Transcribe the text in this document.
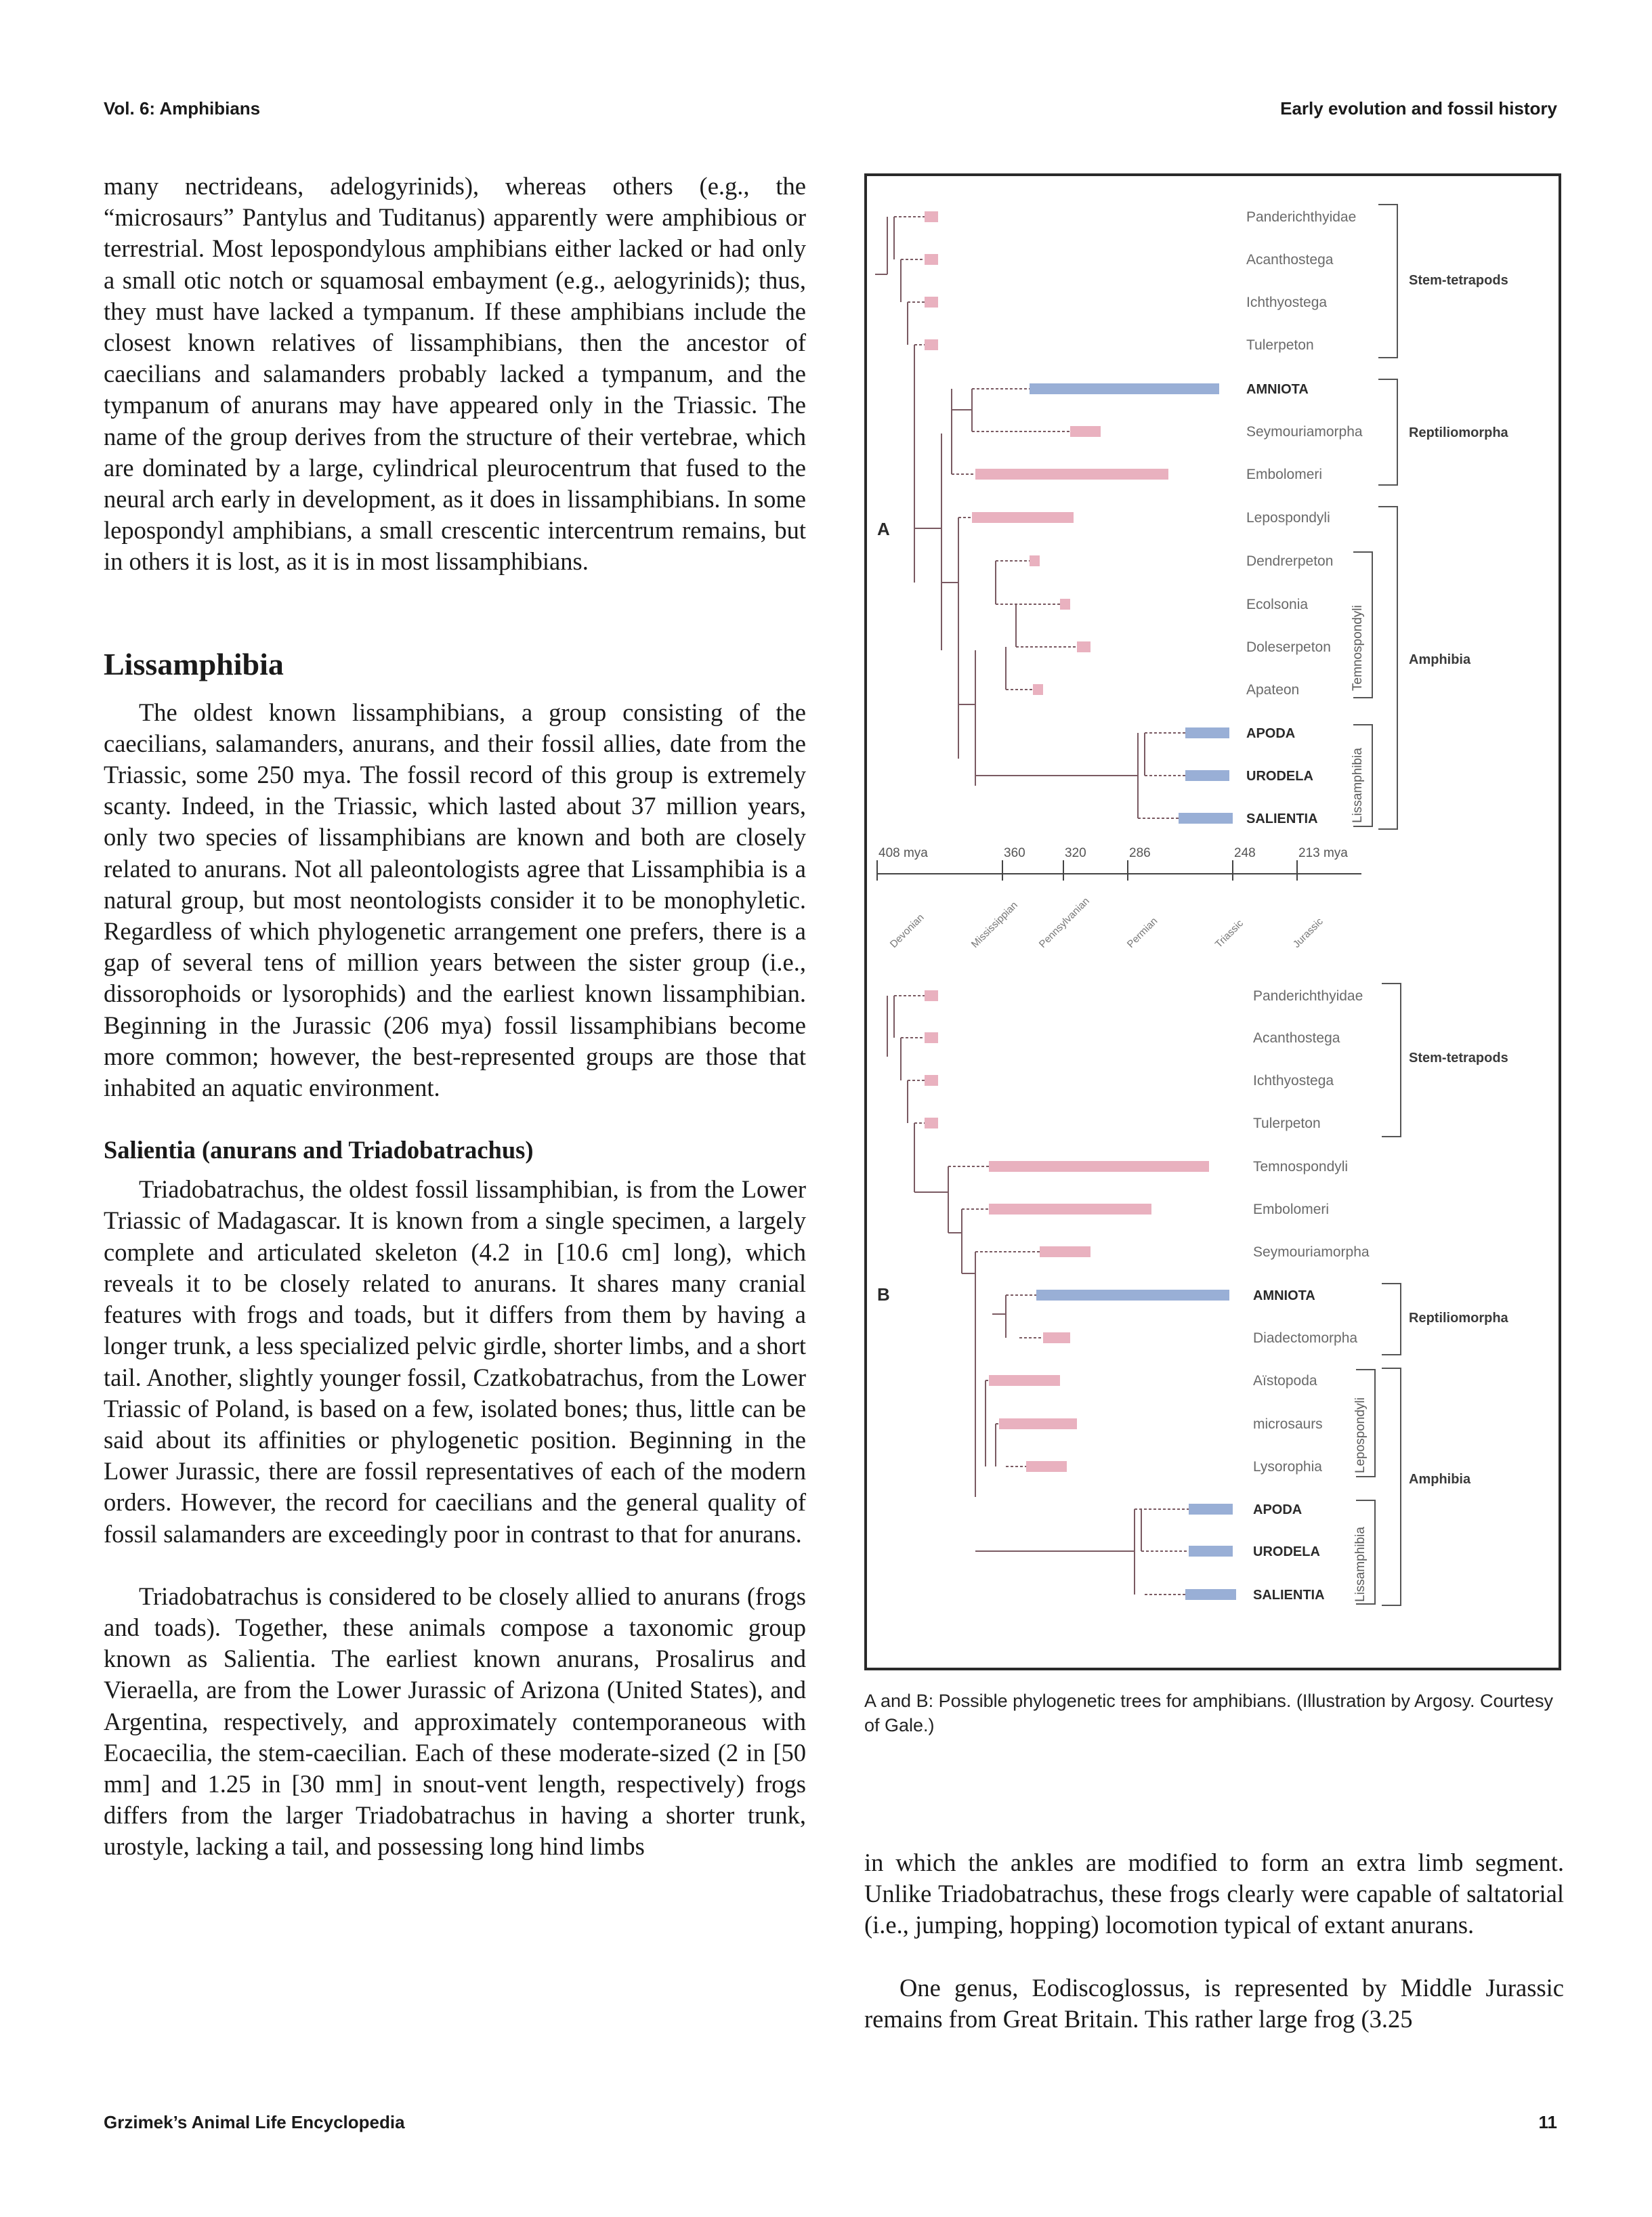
Vol. 6: Amphibians	Early evolution and fossil history

many nectrideans, adelogyrinids), whereas others (e.g., the “microsaurs” Pantylus and Tuditanus) apparently were amphibious or terrestrial. Most lepospondylous amphibians either lacked or had only a small otic notch or squamosal embayment (e.g., aelogyrinids); thus, they must have lacked a tympanum. If these amphibians include the closest known relatives of lissamphibians, then the ancestor of caecilians and salamanders probably lacked a tympanum, and the tympanum of anurans may have appeared only in the Triassic. The name of the group derives from the structure of their vertebrae, which are dominated by a large, cylindrical pleurocentrum that fused to the neural arch early in development, as it does in lissamphibians. In some lepospondyl amphibians, a small crescentic intercentrum remains, but in others it is lost, as it is in most lissamphibians.

Lissamphibia

The oldest known lissamphibians, a group consisting of the caecilians, salamanders, anurans, and their fossil allies, date from the Triassic, some 250 mya. The fossil record of this group is extremely scanty. Indeed, in the Triassic, which lasted about 37 million years, only two species of lissamphibians are known and both are closely related to anurans. Not all paleontologists agree that Lissamphibia is a natural group, but most neontologists consider it to be monophyletic. Regardless of which phylogenetic arrangement one prefers, there is a gap of several tens of million years between the sister group (i.e., dissorophoids or lysorophids) and the earliest known lissamphibian. Beginning in the Jurassic (206 mya) fossil lissamphibians become more common; however, the best-represented groups are those that inhabited an aquatic environment.

Salientia (anurans and Triadobatrachus)

Triadobatrachus, the oldest fossil lissamphibian, is from the Lower Triassic of Madagascar. It is known from a single specimen, a largely complete and articulated skeleton (4.2 in [10.6 cm] long), which reveals it to be closely related to anurans. It shares many cranial features with frogs and toads, but it differs from them by having a longer trunk, a less specialized pelvic girdle, shorter limbs, and a short tail. Another, slightly younger fossil, Czatkobatrachus, from the Lower Triassic of Poland, is based on a few, isolated bones; thus, little can be said about its affinities or phylogenetic position. Beginning in the Lower Jurassic, there are fossil representatives of each of the modern orders. However, the record for caecilians and the general quality of fossil salamanders are exceedingly poor in contrast to that for anurans.

Triadobatrachus is considered to be closely allied to anurans (frogs and toads). Together, these animals compose a taxonomic group known as Salientia. The earliest known anurans, Prosalirus and Vieraella, are from the Lower Jurassic of Arizona (United States), and Argentina, respectively, and approximately contemporaneous with Eocaecilia, the stem-caecilian. Each of these moderate-sized (2 in [50 mm] and 1.25 in [30 mm] in snout-vent length, respectively) frogs differs from the larger Triadobatrachus in having a shorter trunk, urostyle, lacking a tail, and possessing long hind limbs

Panderichthyidae
Acanthostega
Ichthyostega
Tulerpeton
AMNIOTA
Seymouriamorpha
Embolomeri
Lepospondyli
Dendrerpeton
Ecolsonia
Doleserpeton
Apateon
APODA
URODELA
SALIENTIA
A
Stem-tetrapods
Reptiliomorpha
Amphibia
Temnospondyli
Lissamphibia
408 mya	360	320	286	248	213 mya
Devonian	Mississippian Pennsylvanian	Permian	Triassic	Jurassic
Panderichthyidae
Acanthostega
Ichthyostega
Tulerpeton
Temnospondyli
Embolomeri
Seymouriamorpha
AMNIOTA
Diadectomorpha
Aïstopoda
microsaurs
Lysorophia
APODA
URODELA
SALIENTIA
B
Stem-tetrapods
Reptiliomorpha
Amphibia
Lepospondyli
Lissamphibia
A and B: Possible phylogenetic trees for amphibians. (Illustration by Argosy. Courtesy of Gale.)

in which the ankles are modified to form an extra limb segment. Unlike Triadobatrachus, these frogs clearly were capable of saltatorial (i.e., jumping, hopping) locomotion typical of extant anurans.

One genus, Eodiscoglossus, is represented by Middle Jurassic remains from Great Britain. This rather large frog (3.25

Grzimek’s Animal Life Encyclopedia	11
